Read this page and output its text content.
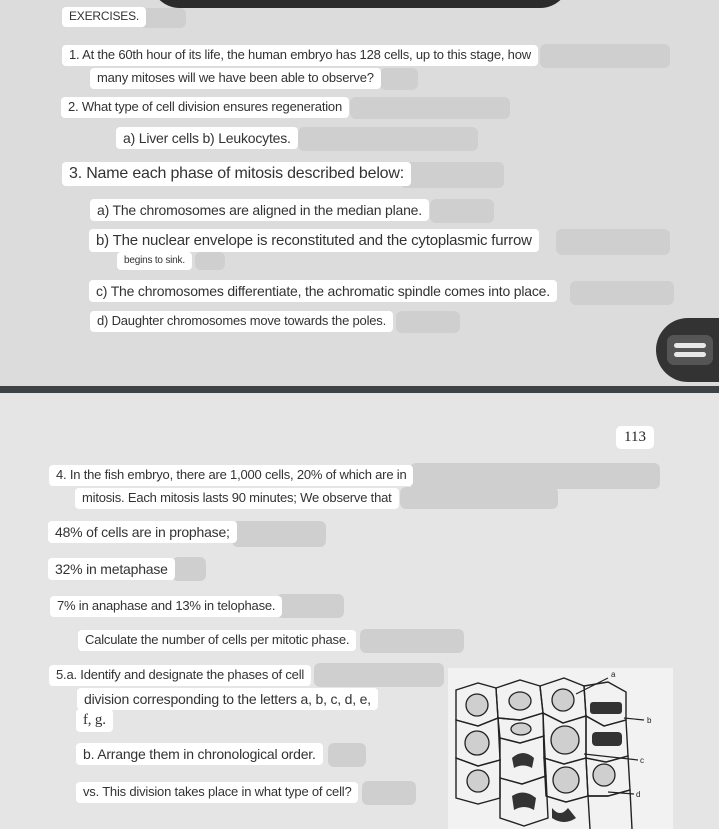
EXERCISES.
1. At the 60th hour of its life, the human embryo has 128 cells, up to this stage, how
many mitoses will we have been able to observe?
2. What type of cell division ensures regeneration
a) Liver cells b) Leukocytes.
3. Name each phase of mitosis described below:
a) The chromosomes are aligned in the median plane.
b) The nuclear envelope is reconstituted and the cytoplasmic furrow
begins to sink.
c) The chromosomes differentiate, the achromatic spindle comes into place.
d) Daughter chromosomes move towards the poles.
113
4. In the fish embryo, there are 1,000 cells, 20% of which are in
mitosis. Each mitosis lasts 90 minutes; We observe that
48% of cells are in prophase;
32% in metaphase
7% in anaphase and 13% in telophase.
Calculate the number of cells per mitotic phase.
5.a. Identify and designate the phases of cell
division corresponding to the letters a, b, c, d, e,
f, g.
b. Arrange them in chronological order.
vs. This division takes place in what type of cell?
a
b
c
d
